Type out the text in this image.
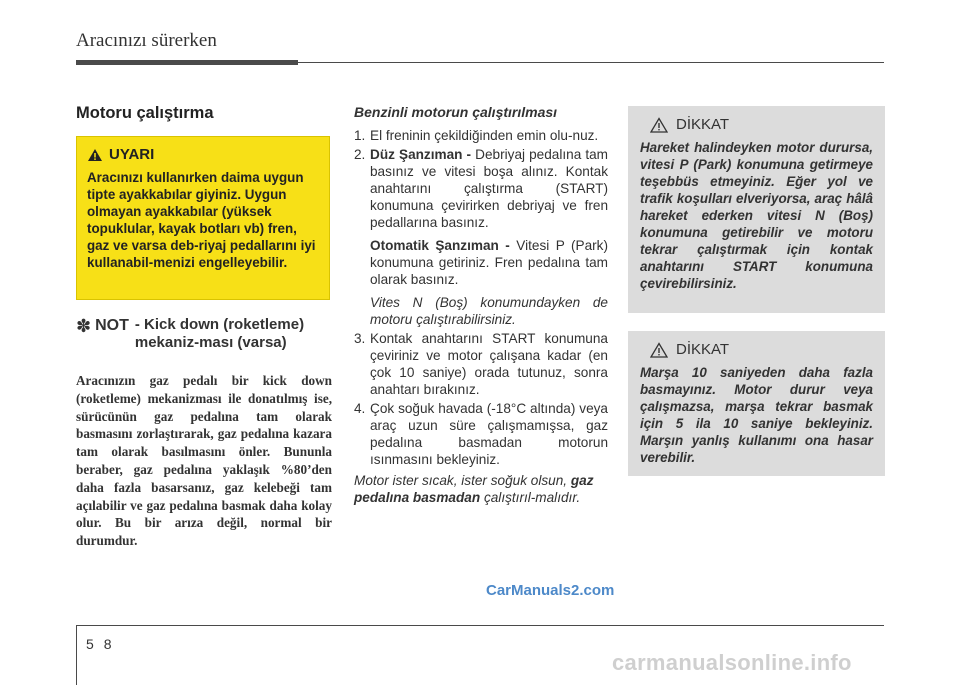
Aracınızı sürerken
Motoru çalıştırma
UYARI
Aracınızı kullanırken daima uygun tipte ayakkabılar giyiniz. Uygun olmayan ayakkabılar (yüksek topuklular, kayak botları vb) fren, gaz ve varsa deb-riyaj pedallarını iyi kullanabil-menizi engelleyebilir.
✽ NOT - Kick down (roketleme) mekaniz-ması (varsa)
Aracınızın gaz pedalı bir kick down (roketleme) mekanizması ile donatılmış ise, sürücünün gaz pedalına tam olarak basmasını zorlaştırarak, gaz pedalına kazara tam olarak basılmasını önler. Bununla beraber, gaz pedalına yaklaşık %80’den daha fazla basarsanız, gaz kelebeği tam açılabilir ve gaz pedalına basmak daha kolay olur. Bu bir arıza değil, normal bir durumdur.
Benzinli motorun çalıştırılması
1. El freninin çekildiğinden emin olu-nuz.
2. Düz Şanzıman - Debriyaj pedalına tam basınız ve vitesi boşa alınız. Kontak anahtarını çalıştırma (START) konumuna çevirirken debriyaj ve fren pedallarına basınız.
Otomatik Şanzıman - Vitesi P (Park) konumuna getiriniz. Fren pedalına tam olarak basınız.
Vites N (Boş) konumundayken de motoru çalıştırabilirsiniz.
3. Kontak anahtarını START konumuna çeviriniz ve motor çalışana kadar (en çok 10 saniye) orada tutunuz, sonra anahtarı bırakınız.
4. Çok soğuk havada (-18°C altında) veya araç uzun süre çalışmamışsa, gaz pedalına basmadan motorun ısınmasını bekleyiniz.
Motor ister sıcak, ister soğuk olsun, gaz pedalına basmadan çalıştırıl-malıdır.
DİKKAT
Hareket halindeyken motor durursa, vitesi P (Park) konumuna getirmeye teşebbüs etmeyiniz. Eğer yol ve trafik koşulları elveriyorsa, araç hâlâ hareket ederken vitesi N (Boş) konumuna getirebilir ve motoru tekrar çalıştırmak için kontak anahtarını START konumuna çevirebilirsiniz.
DİKKAT
Marşa 10 saniyeden daha fazla basmayınız. Motor durur veya çalışmazsa, marşa tekrar basmak için 5 ila 10 saniye bekleyiniz. Marşın yanlış kullanımı ona hasar verebilir.
CarManuals2.com
58
carmanualsonline.info
